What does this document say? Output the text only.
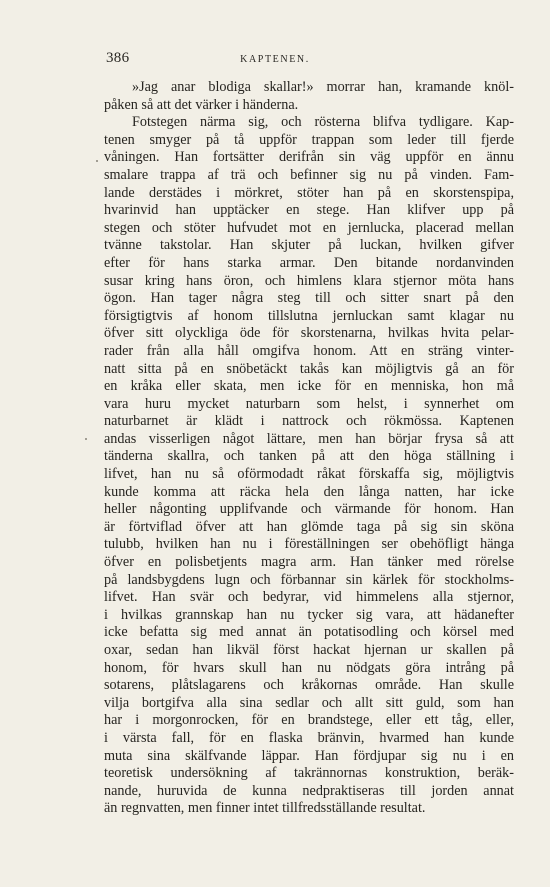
386	KAPTENEN.
»Jag anar blodiga skallar!» morrar han, kramande knöl-
påken så att det värker i händerna.
Fotstegen närma sig, och rösterna blifva tydligare. Kap-
tenen smyger på tå uppför trappan som leder till fjerde
våningen. Han fortsätter derifrån sin väg uppför en ännu
smalare trappa af trä och befinner sig nu på vinden. Fam-
lande derstädes i mörkret, stöter han på en skorstenspipa,
hvarinvid han upptäcker en stege. Han klifver upp på
stegen och stöter hufvudet mot en jernlucka, placerad mellan
tvänne takstolar. Han skjuter på luckan, hvilken gifver
efter för hans starka armar. Den bitande nordanvinden
susar kring hans öron, och himlens klara stjernor möta hans
ögon. Han tager några steg till och sitter snart på den
försigtigtvis af honom tillslutna jernluckan samt klagar nu
öfver sitt olyckliga öde för skorstenarna, hvilkas hvita pelar-
rader från alla håll omgifva honom. Att en sträng vinter-
natt sitta på en snöbetäckt takås kan möjligtvis gå an för
en kråka eller skata, men icke för en menniska, hon må
vara huru mycket naturbarn som helst, i synnerhet om
naturbarnet är klädt i nattrock och rökmössa. Kaptenen
andas visserligen något lättare, men han börjar frysa så att
tänderna skallra, och tanken på att den höga ställning i
lifvet, han nu så oförmodadt råkat förskaffa sig, möjligtvis
kunde komma att räcka hela den långa natten, har icke
heller någonting upplifvande och värmande för honom. Han
är förtviflad öfver att han glömde taga på sig sin sköna
tulubb, hvilken han nu i föreställningen ser obehöfligt hänga
öfver en polisbetjents magra arm. Han tänker med rörelse
på landsbygdens lugn och förbannar sin kärlek för stockholms-
lifvet. Han svär och bedyrar, vid himmelens alla stjernor,
i hvilkas grannskap han nu tycker sig vara, att hädanefter
icke befatta sig med annat än potatisodling och körsel med
oxar, sedan han likväl först hackat hjernan ur skallen på
honom, för hvars skull han nu nödgats göra intrång på
sotarens, plåtslagarens och kråkornas område. Han skulle
vilja bortgifva alla sina sedlar och allt sitt guld, som han
har i morgonrocken, för en brandstege, eller ett tåg, eller,
i värsta fall, för en flaska bränvin, hvarmed han kunde
muta sina skälfvande läppar. Han fördjupar sig nu i en
teoretisk undersökning af takrännornas konstruktion, beräk-
nande, huruvida de kunna nedpraktiseras till jorden annat
än regnvatten, men finner intet tillfredsställande resultat.
